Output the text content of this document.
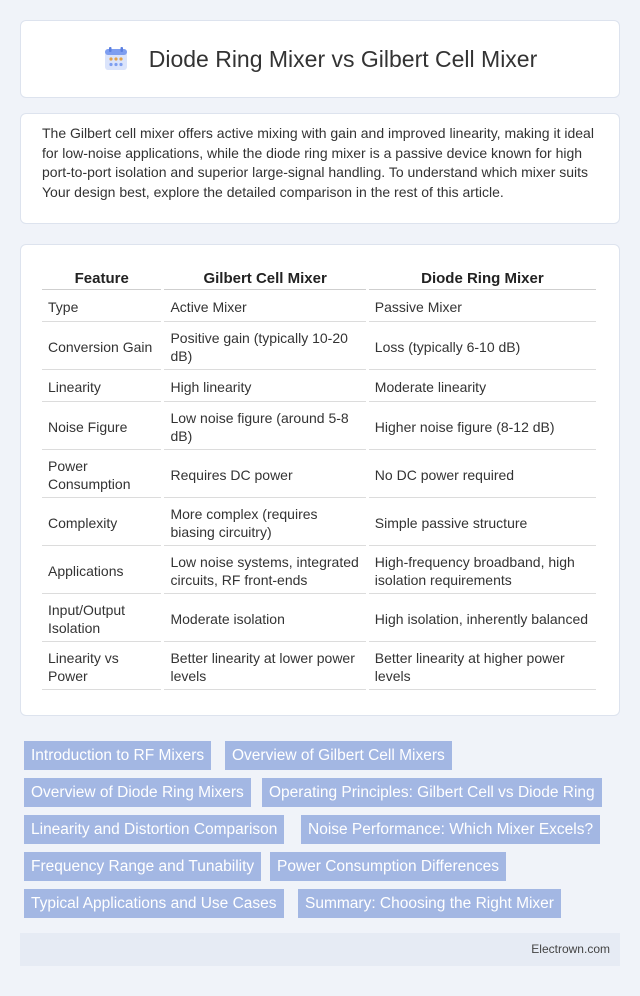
Diode Ring Mixer vs Gilbert Cell Mixer

The Gilbert cell mixer offers active mixing with gain and improved linearity, making it ideal for low-noise applications, while the diode ring mixer is a passive device known for high port-to-port isolation and superior large-signal handling. To understand which mixer suits Your design best, explore the detailed comparison in the rest of this article.

Feature	Gilbert Cell Mixer	Diode Ring Mixer
Type	Active Mixer	Passive Mixer
Conversion Gain	Positive gain (typically 10-20 dB)	Loss (typically 6-10 dB)
Linearity	High linearity	Moderate linearity
Noise Figure	Low noise figure (around 5-8 dB)	Higher noise figure (8-12 dB)
Power Consumption	Requires DC power	No DC power required
Complexity	More complex (requires biasing circuitry)	Simple passive structure
Applications	Low noise systems, integrated circuits, RF front-ends	High-frequency broadband, high isolation requirements
Input/Output Isolation	Moderate isolation	High isolation, inherently balanced
Linearity vs Power	Better linearity at lower power levels	Better linearity at higher power levels
Introduction to RF Mixers	Overview of Gilbert Cell Mixers
Overview of Diode Ring Mixers	Operating Principles: Gilbert Cell vs Diode Ring
Linearity and Distortion Comparison	Noise Performance: Which Mixer Excels?
Frequency Range and Tunability	Power Consumption Differences
Typical Applications and Use Cases	Summary: Choosing the Right Mixer
Electrown.com
